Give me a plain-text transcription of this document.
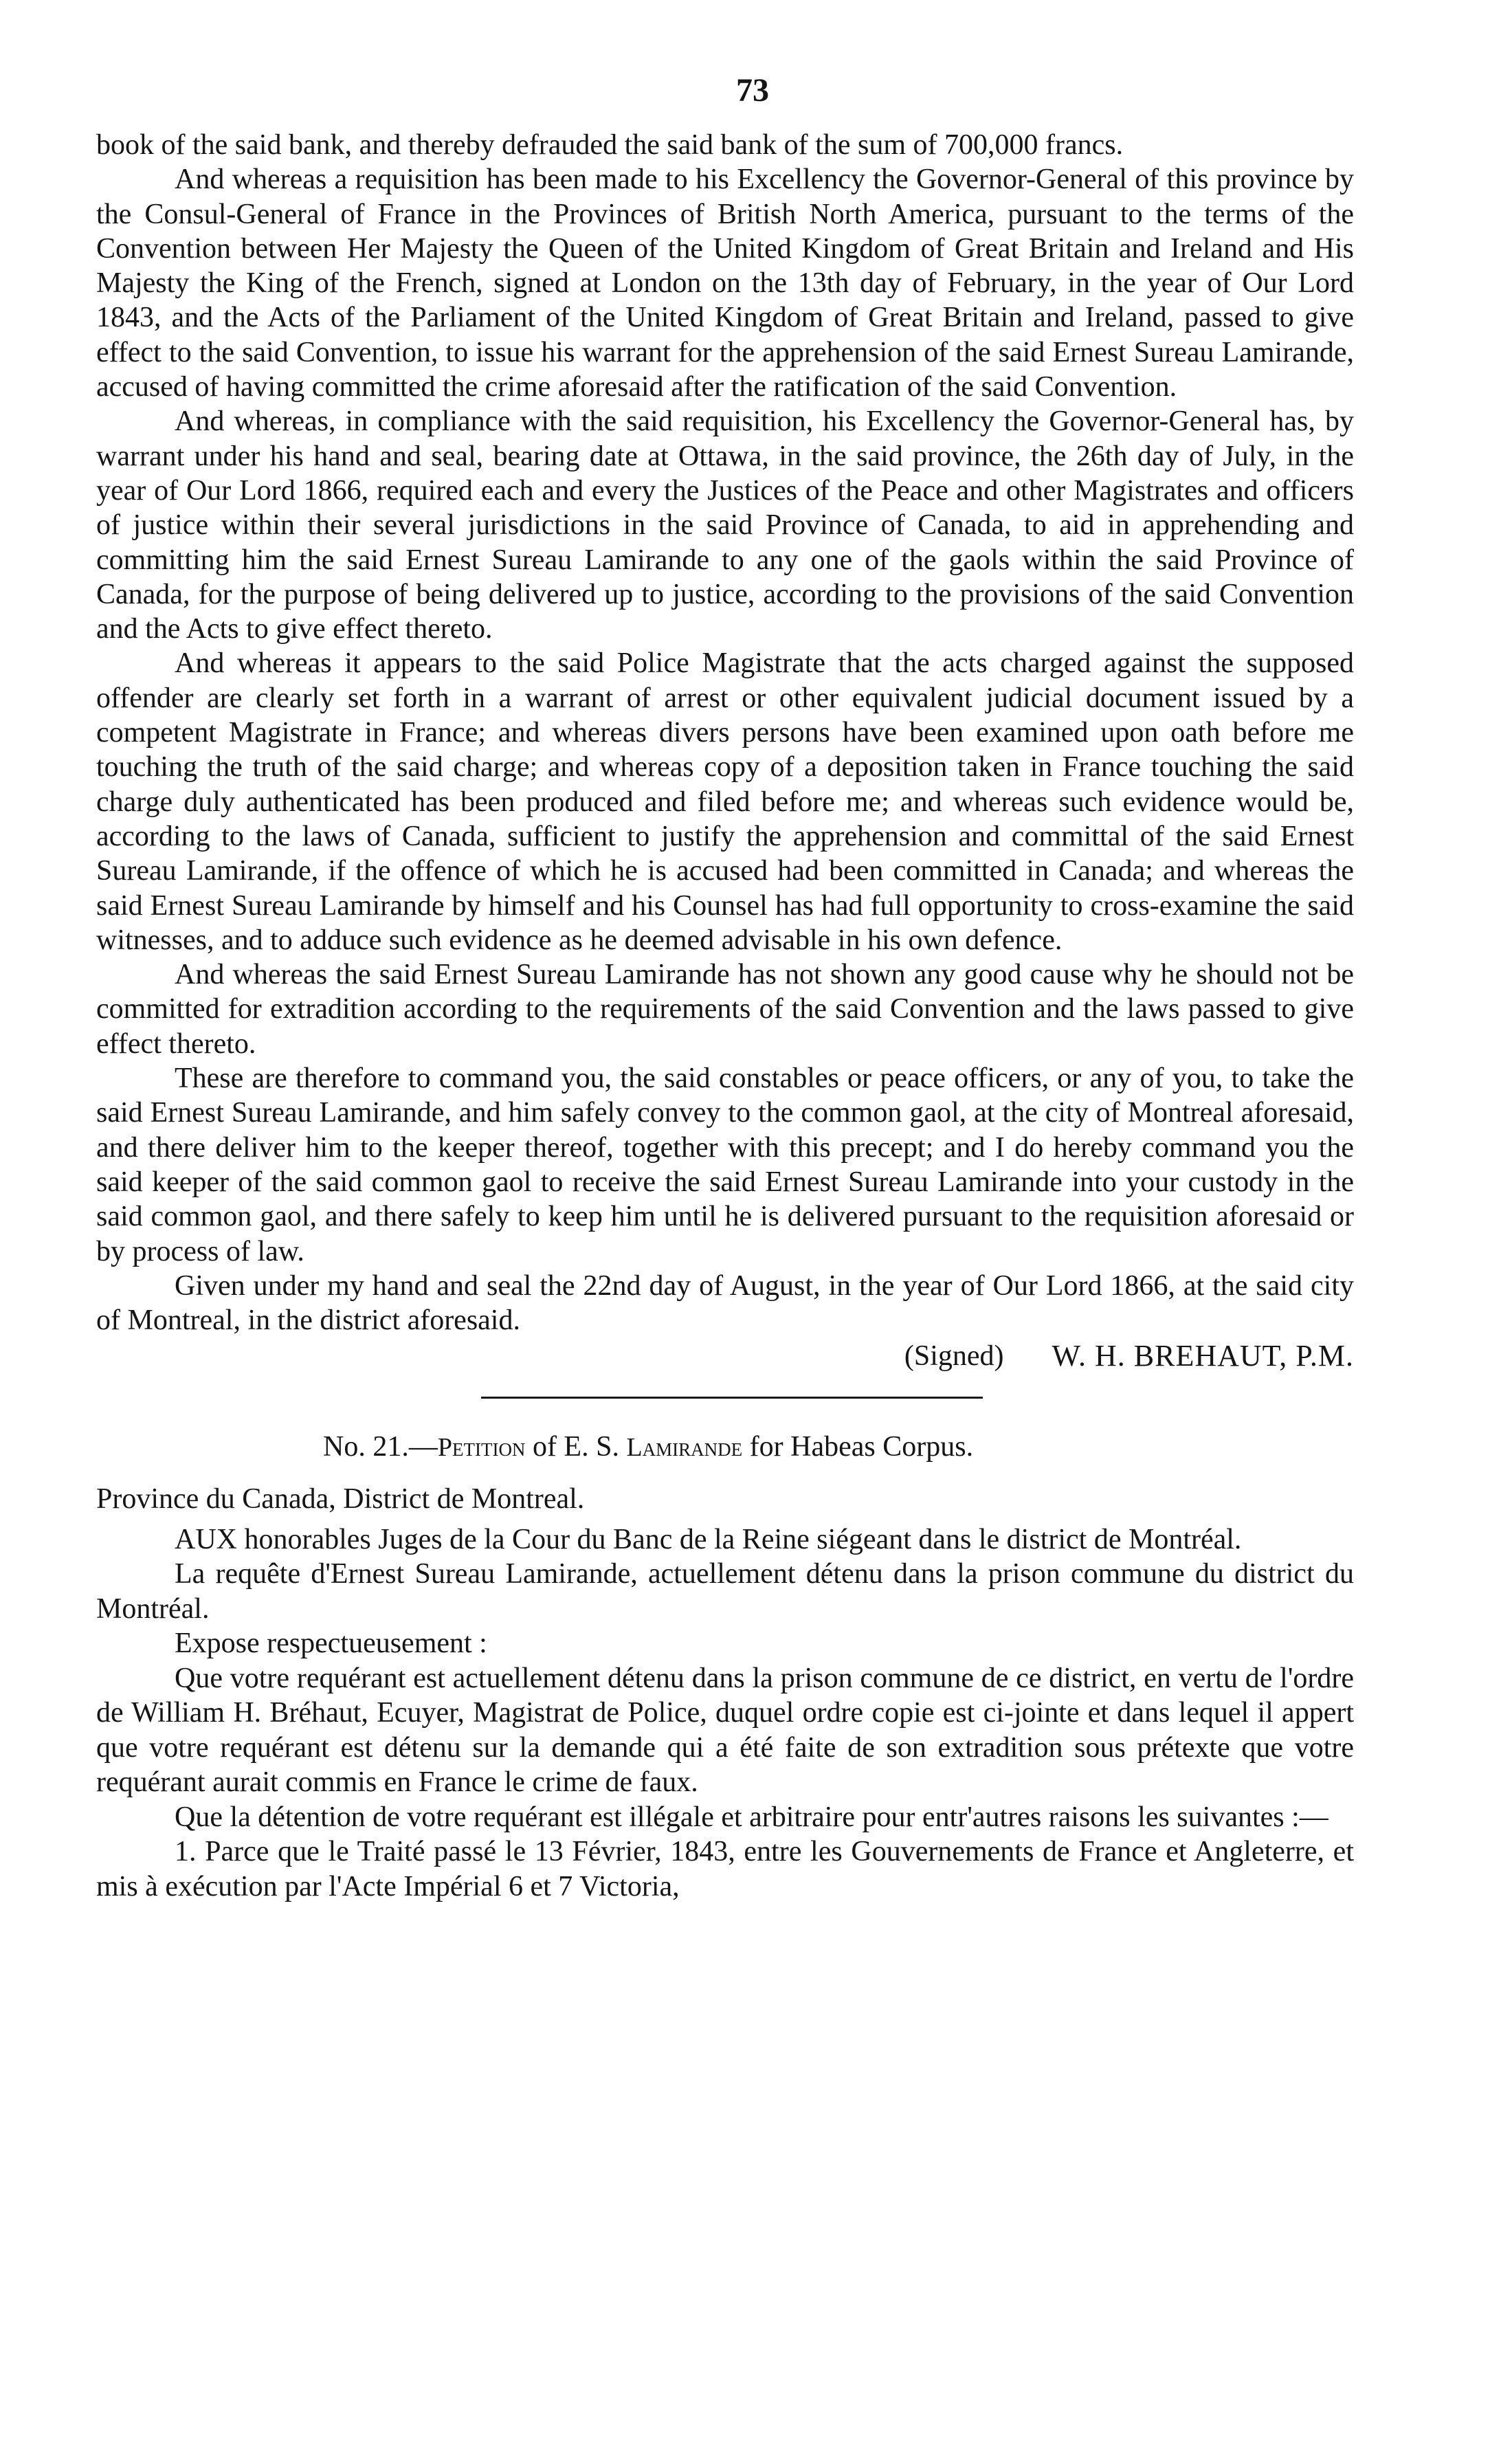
73

book of the said bank, and thereby defrauded the said bank of the sum of 700,000 francs.

And whereas a requisition has been made to his Excellency the Governor-General of this province by the Consul-General of France in the Provinces of British North America, pursuant to the terms of the Convention between Her Majesty the Queen of the United Kingdom of Great Britain and Ireland and His Majesty the King of the French, signed at London on the 13th day of February, in the year of Our Lord 1843, and the Acts of the Parliament of the United Kingdom of Great Britain and Ireland, passed to give effect to the said Convention, to issue his warrant for the apprehension of the said Ernest Sureau Lamirande, accused of having committed the crime aforesaid after the ratification of the said Convention.

And whereas, in compliance with the said requisition, his Excellency the Governor-General has, by warrant under his hand and seal, bearing date at Ottawa, in the said province, the 26th day of July, in the year of Our Lord 1866, required each and every the Justices of the Peace and other Magistrates and officers of justice within their several jurisdictions in the said Province of Canada, to aid in apprehending and committing him the said Ernest Sureau Lamirande to any one of the gaols within the said Province of Canada, for the purpose of being delivered up to justice, according to the provisions of the said Convention and the Acts to give effect thereto.

And whereas it appears to the said Police Magistrate that the acts charged against the supposed offender are clearly set forth in a warrant of arrest or other equivalent judicial document issued by a competent Magistrate in France; and whereas divers persons have been examined upon oath before me touching the truth of the said charge; and whereas copy of a deposition taken in France touching the said charge duly authenticated has been produced and filed before me; and whereas such evidence would be, according to the laws of Canada, sufficient to justify the apprehension and committal of the said Ernest Sureau Lamirande, if the offence of which he is accused had been committed in Canada; and whereas the said Ernest Sureau Lamirande by himself and his Counsel has had full opportunity to cross-examine the said witnesses, and to adduce such evidence as he deemed advisable in his own defence.

And whereas the said Ernest Sureau Lamirande has not shown any good cause why he should not be committed for extradition according to the requirements of the said Convention and the laws passed to give effect thereto.

These are therefore to command you, the said constables or peace officers, or any of you, to take the said Ernest Sureau Lamirande, and him safely convey to the common gaol, at the city of Montreal aforesaid, and there deliver him to the keeper thereof, together with this precept; and I do hereby command you the said keeper of the said common gaol to receive the said Ernest Sureau Lamirande into your custody in the said common gaol, and there safely to keep him until he is delivered pursuant to the requisition aforesaid or by process of law.

Given under my hand and seal the 22nd day of August, in the year of Our Lord 1866, at the said city of Montreal, in the district aforesaid.

(Signed) W. H. BREHAUT, P.M.
No. 21.—Petition of E. S. Lamirande for Habeas Corpus.

Province du Canada, District de Montreal.

AUX honorables Juges de la Cour du Banc de la Reine siégeant dans le district de Montréal.

La requête d'Ernest Sureau Lamirande, actuellement détenu dans la prison commune du district du Montréal.

Expose respectueusement :

Que votre requérant est actuellement détenu dans la prison commune de ce district, en vertu de l'ordre de William H. Bréhaut, Ecuyer, Magistrat de Police, duquel ordre copie est ci-jointe et dans lequel il appert que votre requérant est détenu sur la demande qui a été faite de son extradition sous prétexte que votre requérant aurait commis en France le crime de faux.

Que la détention de votre requérant est illégale et arbitraire pour entr'autres raisons les suivantes :—

1. Parce que le Traité passé le 13 Février, 1843, entre les Gouvernements de France et Angleterre, et mis à exécution par l'Acte Impérial 6 et 7 Victoria,
